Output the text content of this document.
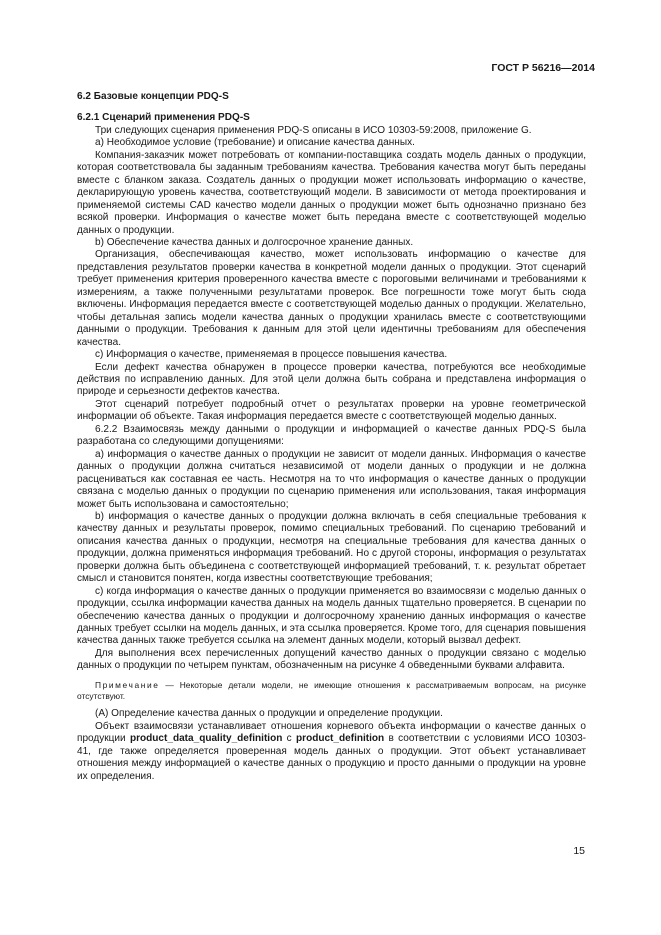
ГОСТ Р 56216—2014

6.2 Базовые концепции PDQ-S

6.2.1 Сценарий применения PDQ-S

Три следующих сценария применения PDQ-S описаны в ИСО 10303-59:2008, приложение G.

а) Необходимое условие (требование) и описание качества данных.

Компания-заказчик может потребовать от компании-поставщика создать модель данных о продукции, которая соответствовала бы заданным требованиям качества. Требования качества могут быть переданы вместе с бланком заказа. Создатель данных о продукции может использовать информацию о качестве, декларирующую уровень качества, соответствующий модели. В зависимости от метода проектирования и применяемой системы CAD качество модели данных о продукции может быть однозначно признано без всякой проверки. Информация о качестве может быть передана вместе с соответствующей моделью данных о продукции.

b) Обеспечение качества данных и долгосрочное хранение данных.

Организация, обеспечивающая качество, может использовать информацию о качестве для представления результатов проверки качества в конкретной модели данных о продукции. Этот сценарий требует применения критерия проверенного качества вместе с пороговыми величинами и требованиями к измерениям, а также полученными результатами проверок. Все погрешности тоже могут быть сюда включены. Информация передается вместе с соответствующей моделью данных о продукции. Желательно, чтобы детальная запись модели качества данных о продукции хранилась вместе с соответствующими данными о продукции. Требования к данным для этой цели идентичны требованиям для обеспечения качества.

с) Информация о качестве, применяемая в процессе повышения качества.

Если дефект качества обнаружен в процессе проверки качества, потребуются все необходимые действия по исправлению данных. Для этой цели должна быть собрана и представлена информация о природе и серьезности дефектов качества.

Этот сценарий потребует подробный отчет о результатах проверки на уровне геометрической информации об объекте. Такая информация передается вместе с соответствующей моделью данных.

6.2.2 Взаимосвязь между данными о продукции и информацией о качестве данных PDQ-S была разработана со следующими допущениями:

а) информация о качестве данных о продукции не зависит от модели данных. Информация о качестве данных о продукции должна считаться независимой от модели данных о продукции и не должна расцениваться как составная ее часть. Несмотря на то что информация о качестве данных о продукции связана с моделью данных о продукции по сценарию применения или использования, такая информация может быть использована и самостоятельно;

b) информация о качестве данных о продукции должна включать в себя специальные требования к качеству данных и результаты проверок, помимо специальных требований. По сценарию требований и описания качества данных о продукции, несмотря на специальные требования для качества данных о продукции, должна применяться информация требований. Но с другой стороны, информация о результатах проверки должна быть объединена с соответствующей информацией требований, т. к. результат обретает смысл и становится понятен, когда известны соответствующие требования;

с) когда информация о качестве данных о продукции применяется во взаимосвязи с моделью данных о продукции, ссылка информации качества данных на модель данных тщательно проверяется. В сценарии по обеспечению качества данных о продукции и долгосрочному хранению данных информация о качестве данных требует ссылки на модель данных, и эта ссылка проверяется. Кроме того, для сценария повышения качества данных также требуется ссылка на элемент данных модели, который вызвал дефект.

Для выполнения всех перечисленных допущений качество данных о продукции связано с моделью данных о продукции по четырем пунктам, обозначенным на рисунке 4 обведенными буквами алфавита.

Примечание — Некоторые детали модели, не имеющие отношения к рассматриваемым вопросам, на рисунке отсутствуют.

(А) Определение качества данных о продукции и определение продукции.

Объект взаимосвязи устанавливает отношения корневого объекта информации о качестве данных о продукции product_data_quality_definition с product_definition в соответствии с условиями ИСО 10303-41, где также определяется проверенная модель данных о продукции. Этот объект устанавливает отношения между информацией о качестве данных о продукцию и просто данными о продукции на уровне их определения.

15
